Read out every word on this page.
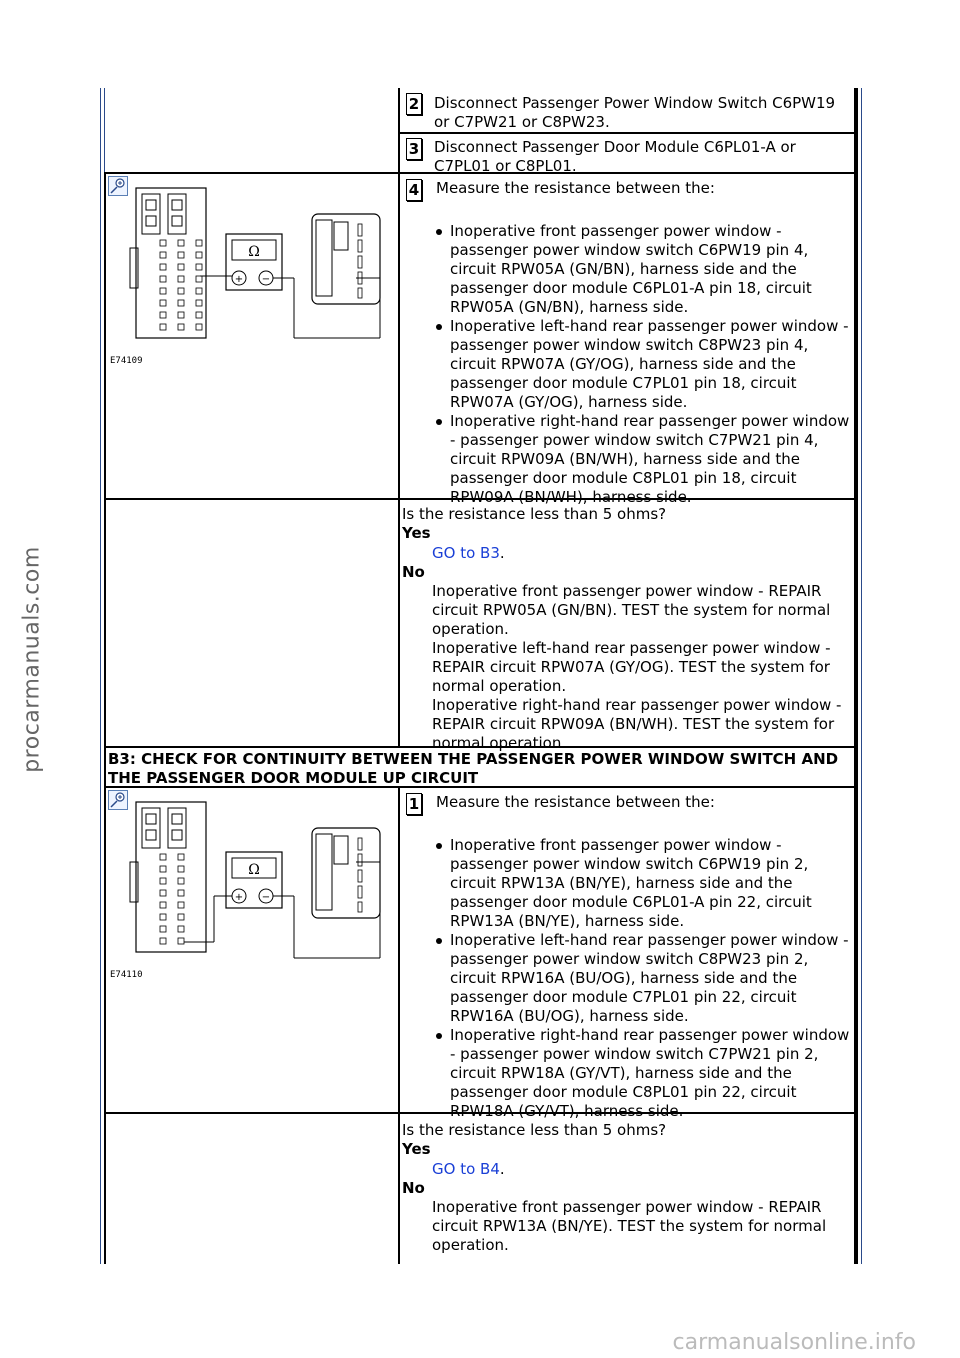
procarmanuals.com
carmanualsonline.info
2 Disconnect Passenger Power Window Switch C6PW19 or C7PW21 or C8PW23.
3 Disconnect Passenger Door Module C6PL01-A or C7PL01 or C8PL01.
Ω
+ −
E74109
4 Measure the resistance between the:
Inoperative front passenger power window - passenger power window switch C6PW19 pin 4, circuit RPW05A (GN/BN), harness side and the passenger door module C6PL01-A pin 18, circuit RPW05A (GN/BN), harness side.
Inoperative left-hand rear passenger power window - passenger power window switch C8PW23 pin 4, circuit RPW07A (GY/OG), harness side and the passenger door module C7PL01 pin 18, circuit RPW07A (GY/OG), harness side.
Inoperative right-hand rear passenger power window - passenger power window switch C7PW21 pin 4, circuit RPW09A (BN/WH), harness side and the passenger door module C8PL01 pin 18, circuit RPW09A (BN/WH), harness side.
Is the resistance less than 5 ohms?
Yes
GO to B3.
No
Inoperative front passenger power window - REPAIR circuit RPW05A (GN/BN). TEST the system for normal operation.
Inoperative left-hand rear passenger power window - REPAIR circuit RPW07A (GY/OG). TEST the system for normal operation.
Inoperative right-hand rear passenger power window - REPAIR circuit RPW09A (BN/WH). TEST the system for normal operation.
B3: CHECK FOR CONTINUITY BETWEEN THE PASSENGER POWER WINDOW SWITCH AND THE PASSENGER DOOR MODULE UP CIRCUIT
Ω
+ −
E74110
1 Measure the resistance between the:
Inoperative front passenger power window - passenger power window switch C6PW19 pin 2, circuit RPW13A (BN/YE), harness side and the passenger door module C6PL01-A pin 22, circuit RPW13A (BN/YE), harness side.
Inoperative left-hand rear passenger power window - passenger power window switch C8PW23 pin 2, circuit RPW16A (BU/OG), harness side and the passenger door module C7PL01 pin 22, circuit RPW16A (BU/OG), harness side.
Inoperative right-hand rear passenger power window - passenger power window switch C7PW21 pin 2, circuit RPW18A (GY/VT), harness side and the passenger door module C8PL01 pin 22, circuit RPW18A (GY/VT), harness side.
Is the resistance less than 5 ohms?
Yes
GO to B4.
No
Inoperative front passenger power window - REPAIR circuit RPW13A (BN/YE). TEST the system for normal operation.
